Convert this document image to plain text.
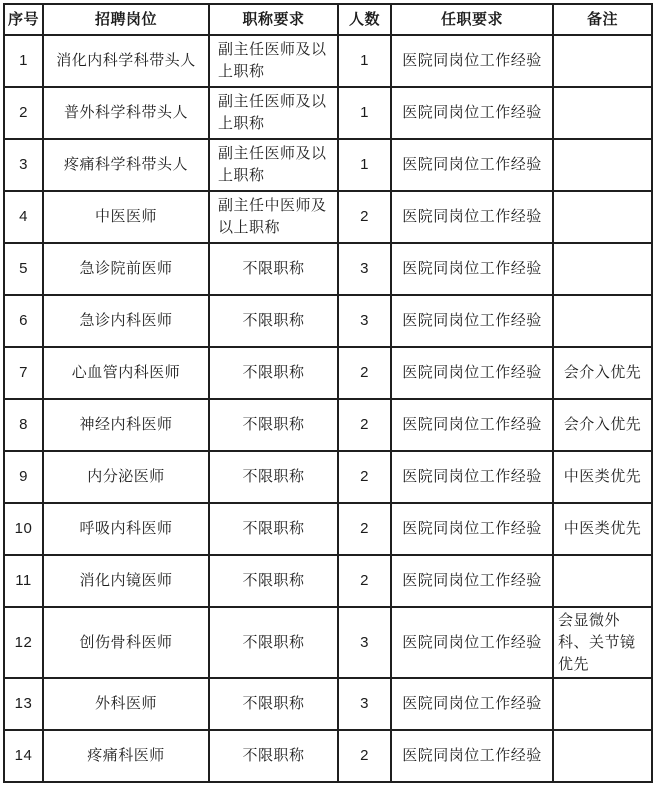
序号	招聘岗位	职称要求	人数	任职要求	备注
1	消化内科学科带头人	副主任医师及以上职称	1	医院同岗位工作经验	
2	普外科学科带头人	副主任医师及以上职称	1	医院同岗位工作经验	
3	疼痛科学科带头人	副主任医师及以上职称	1	医院同岗位工作经验	
4	中医医师	副主任中医师及以上职称	2	医院同岗位工作经验	
5	急诊院前医师	不限职称	3	医院同岗位工作经验	
6	急诊内科医师	不限职称	3	医院同岗位工作经验	
7	心血管内科医师	不限职称	2	医院同岗位工作经验	会介入优先
8	神经内科医师	不限职称	2	医院同岗位工作经验	会介入优先
9	内分泌医师	不限职称	2	医院同岗位工作经验	中医类优先
10	呼吸内科医师	不限职称	2	医院同岗位工作经验	中医类优先
11	消化内镜医师	不限职称	2	医院同岗位工作经验	
12	创伤骨科医师	不限职称	3	医院同岗位工作经验	会显微外科、关节镜优先
13	外科医师	不限职称	3	医院同岗位工作经验	
14	疼痛科医师	不限职称	2	医院同岗位工作经验	
